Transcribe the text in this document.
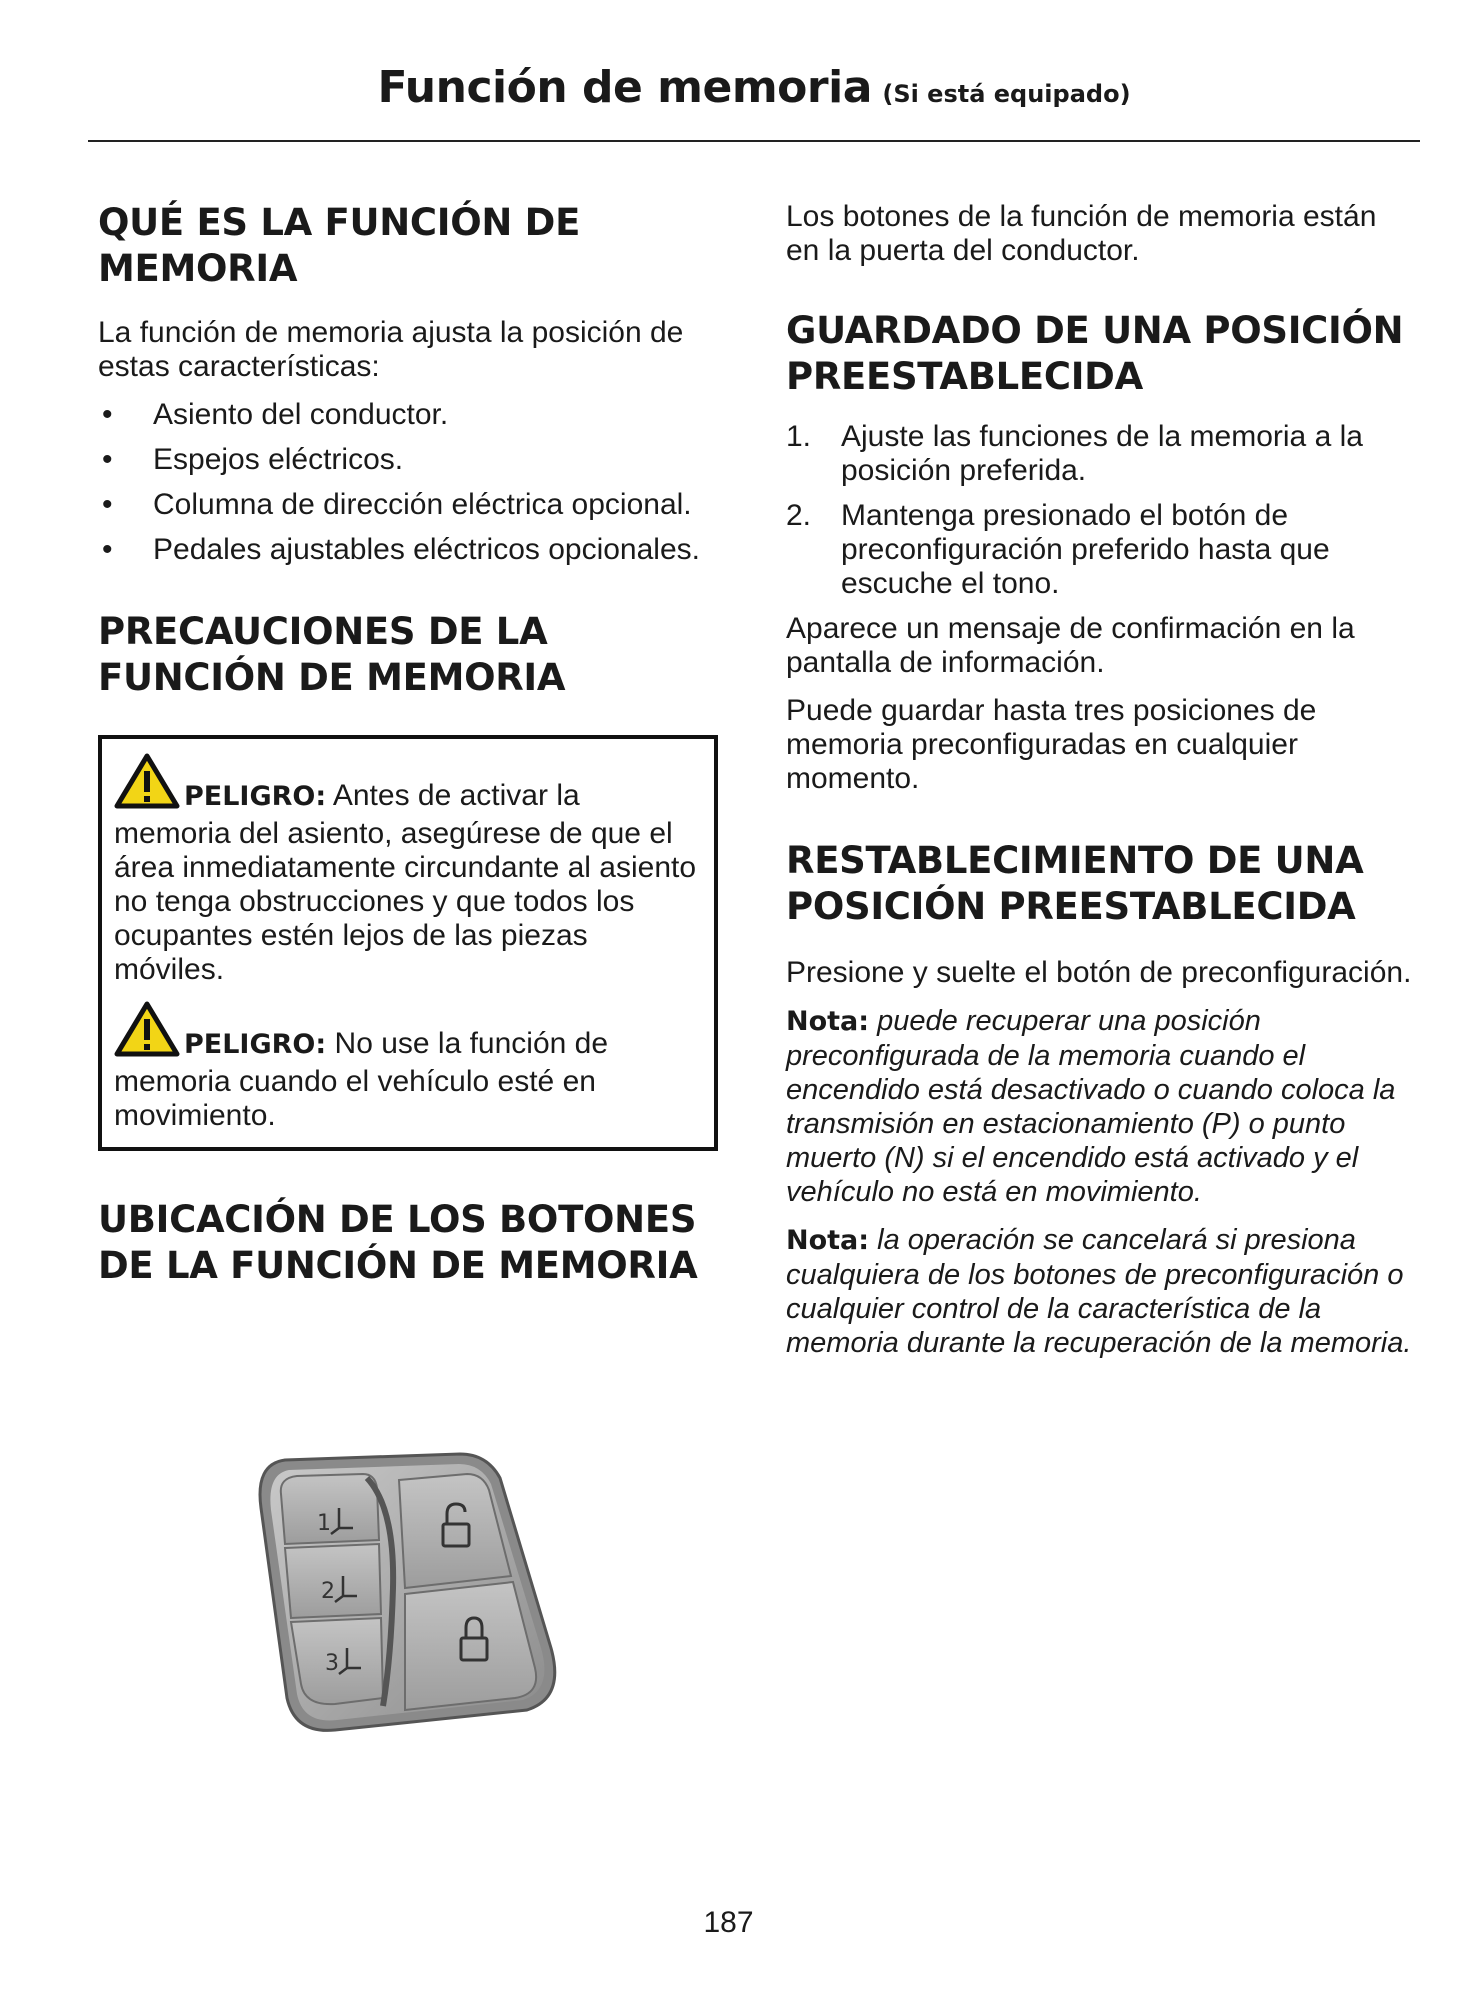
Función de memoria (Si está equipado)
QUÉ ES LA FUNCIÓN DE
MEMORIA

La función de memoria ajusta la posición de estas características:

• Asiento del conductor.
• Espejos eléctricos.
• Columna de dirección eléctrica opcional.
• Pedales ajustables eléctricos opcionales.
PRECAUCIONES DE LA
FUNCIÓN DE MEMORIA

PELIGRO: Antes de activar la memoria del asiento, asegúrese de que el área inmediatamente circundante al asiento no tenga obstrucciones y que todos los ocupantes estén lejos de las piezas móviles.

PELIGRO: No use la función de memoria cuando el vehículo esté en movimiento.

UBICACIÓN DE LOS BOTONES
DE LA FUNCIÓN DE MEMORIA
1
2
3

Los botones de la función de memoria están en la puerta del conductor.

GUARDADO DE UNA POSICIÓN
PREESTABLECIDA
1. Ajuste las funciones de la memoria a la posición preferida.
2. Mantenga presionado el botón de preconfiguración preferido hasta que escuche el tono.

Aparece un mensaje de confirmación en la pantalla de información.

Puede guardar hasta tres posiciones de memoria preconfiguradas en cualquier momento.

RESTABLECIMIENTO DE UNA
POSICIÓN PREESTABLECIDA

Presione y suelte el botón de preconfiguración.

Nota: puede recuperar una posición preconfigurada de la memoria cuando el encendido está desactivado o cuando coloca la transmisión en estacionamiento (P) o punto muerto (N) si el encendido está activado y el vehículo no está en movimiento.

Nota: la operación se cancelará si presiona cualquiera de los botones de preconfiguración o cualquier control de la característica de la memoria durante la recuperación de la memoria.

187
